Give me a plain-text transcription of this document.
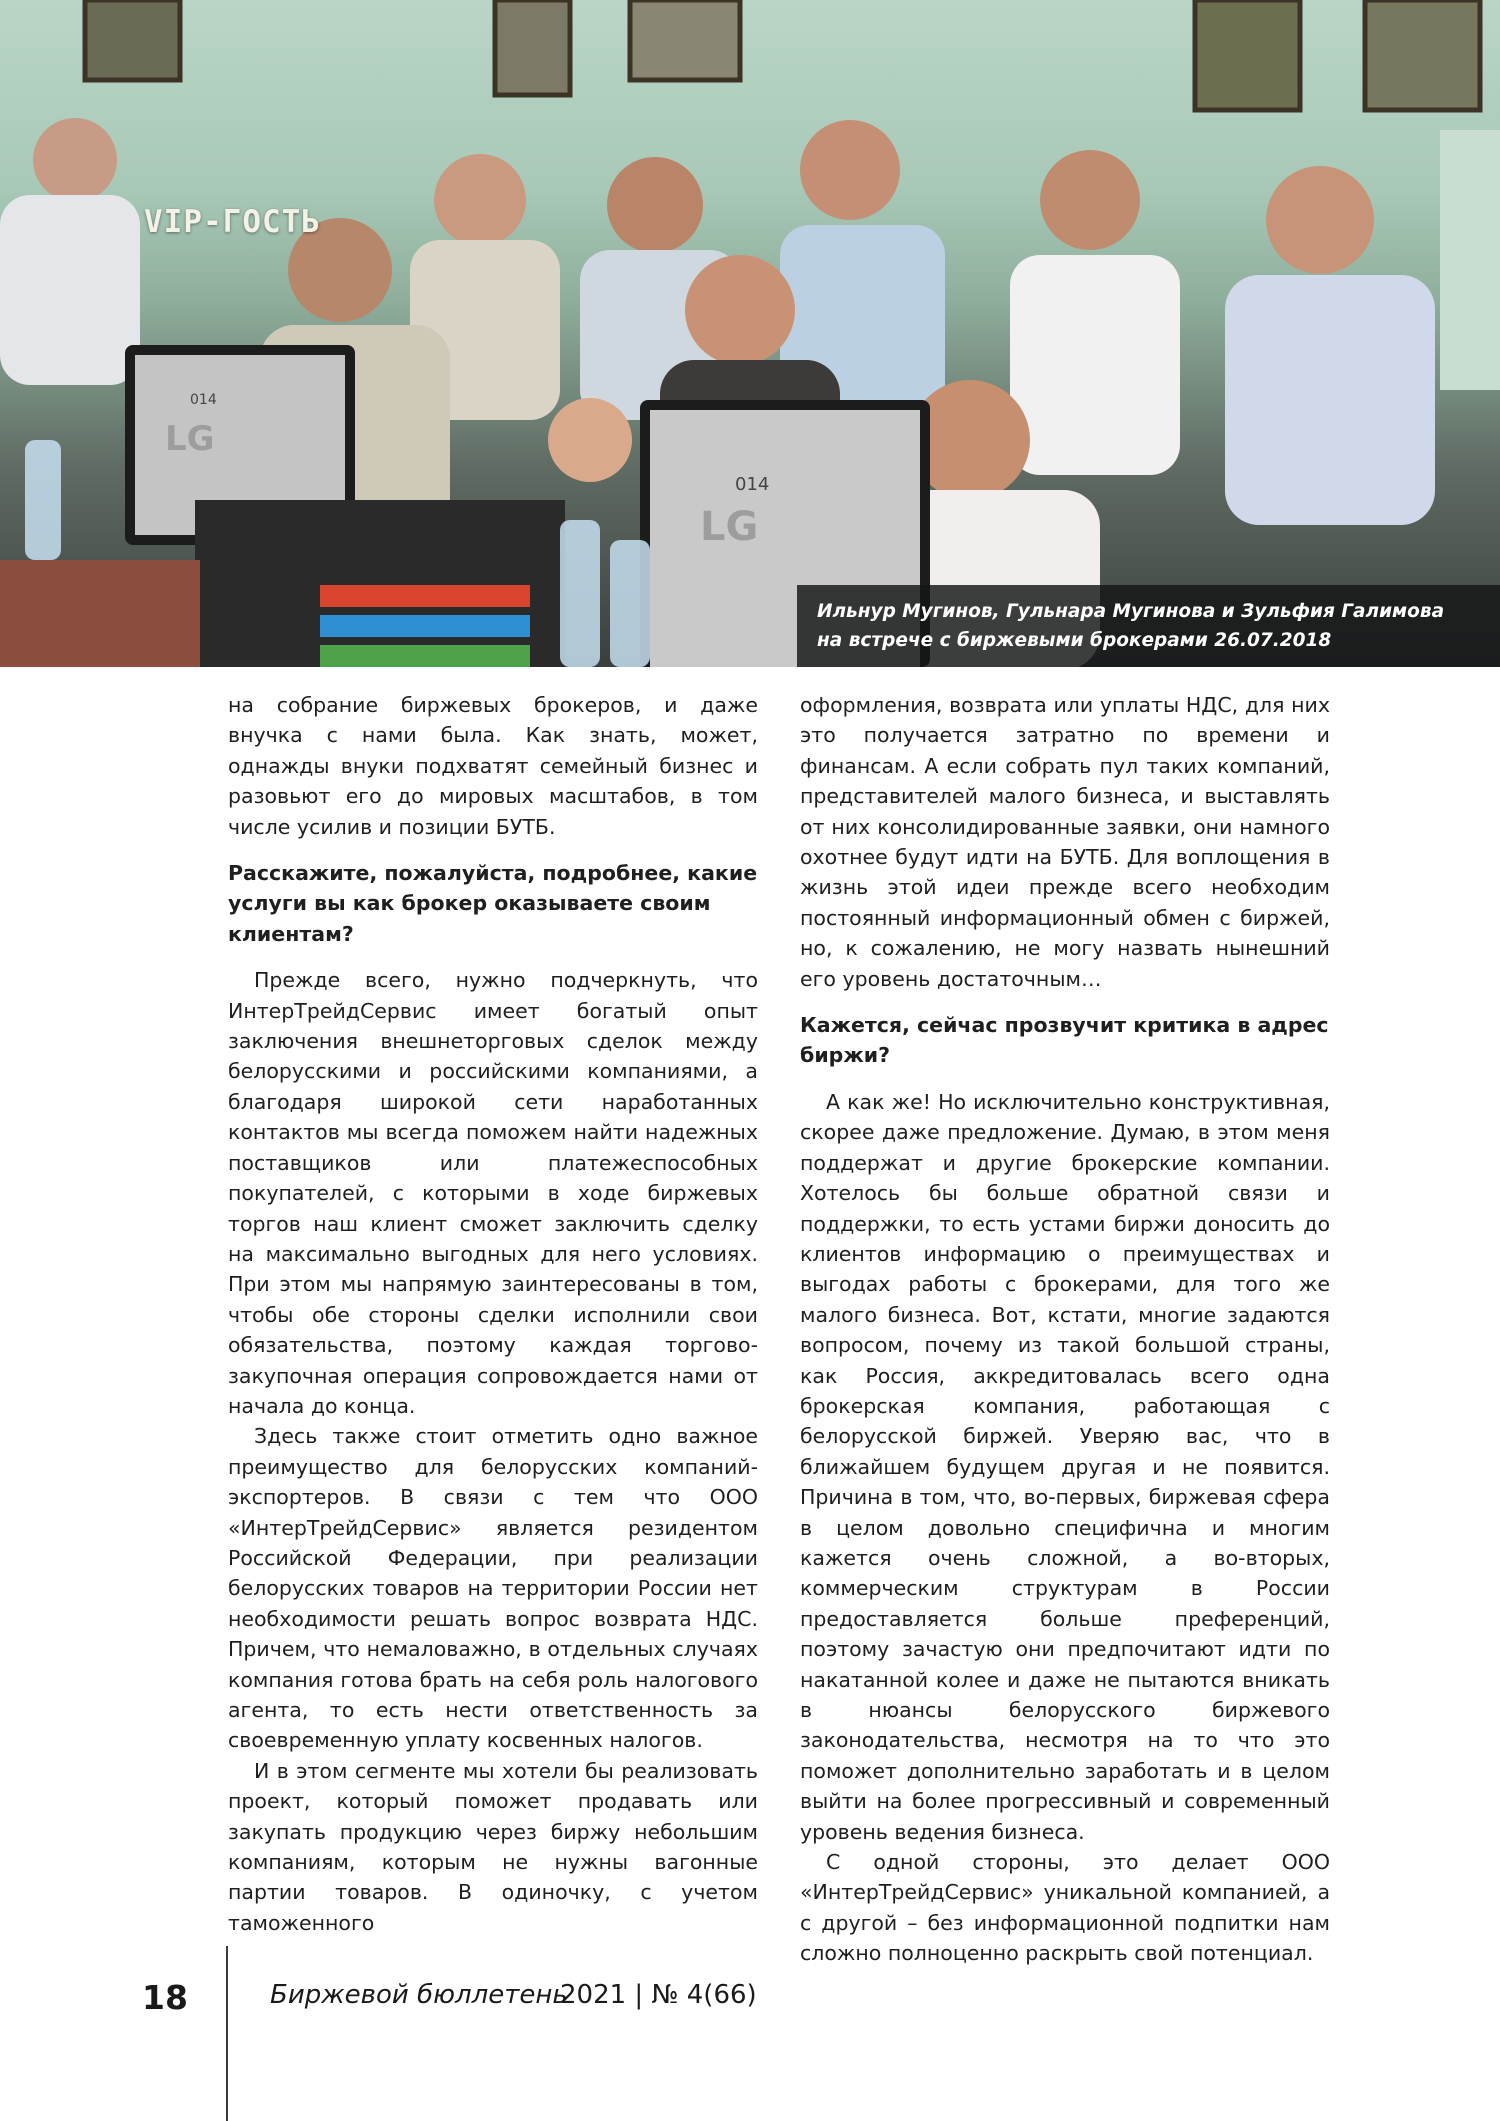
LG
LG
014
014
VIP-ГОСТЬ
Ильнур Мугинов, Гульнара Мугинова и Зульфия Галимова
на встрече с биржевыми брокерами 26.07.2018

на собрание биржевых брокеров, и даже внучка с нами была. Как знать, может, однажды внуки подхватят семейный бизнес и разовьют его до мировых масштабов, в том числе усилив и позиции БУТБ.

Расскажите, пожалуйста, подробнее, какие услуги вы как брокер оказываете своим клиентам?

Прежде всего, нужно подчеркнуть, что ИнтерТрейдСервис имеет богатый опыт заключения внешнеторговых сделок между белорусскими и российскими компаниями, а благодаря широкой сети наработанных контактов мы всегда поможем найти надежных поставщиков или платежеспособных покупателей, с которыми в ходе биржевых торгов наш клиент сможет заключить сделку на максимально выгодных для него условиях. При этом мы напрямую заинтересованы в том, чтобы обе стороны сделки исполнили свои обязательства, поэтому каждая торгово-закупочная операция сопровождается нами от начала до конца.

Здесь также стоит отметить одно важное преимущество для белорусских компаний-экспортеров. В связи с тем что ООО «ИнтерТрейдСервис» является резидентом Российской Федерации, при реализации белорусских товаров на территории России нет необходимости решать вопрос возврата НДС. Причем, что немаловажно, в отдельных случаях компания готова брать на себя роль налогового агента, то есть нести ответственность за своевременную уплату косвенных налогов.

И в этом сегменте мы хотели бы реализовать проект, который поможет продавать или закупать продукцию через биржу небольшим компаниям, которым не нужны вагонные партии товаров. В одиночку, с учетом таможенного

оформления, возврата или уплаты НДС, для них это получается затратно по времени и финансам. А если собрать пул таких компаний, представителей малого бизнеса, и выставлять от них консолидированные заявки, они намного охотнее будут идти на БУТБ. Для воплощения в жизнь этой идеи прежде всего необходим постоянный информационный обмен с биржей, но, к сожалению, не могу назвать нынешний его уровень достаточным…

Кажется, сейчас прозвучит критика в адрес биржи?

А как же! Но исключительно конструктивная, скорее даже предложение. Думаю, в этом меня поддержат и другие брокерские компании. Хотелось бы больше обратной связи и поддержки, то есть устами биржи доносить до клиентов информацию о преимуществах и выгодах работы с брокерами, для того же малого бизнеса. Вот, кстати, многие задаются вопросом, почему из такой большой страны, как Россия, аккредитовалась всего одна брокерская компания, работающая с белорусской биржей. Уверяю вас, что в ближайшем будущем другая и не появится. Причина в том, что, во-первых, биржевая сфера в целом довольно специфична и многим кажется очень сложной, а во-вторых, коммерческим структурам в России предоставляется больше преференций, поэтому зачастую они предпочитают идти по накатанной колее и даже не пытаются вникать в нюансы белорусского биржевого законодательства, несмотря на то что это поможет дополнительно заработать и в целом выйти на более прогрессивный и современный уровень ведения бизнеса.

С одной стороны, это делает ООО «ИнтерТрейдСервис» уникальной компанией, а с другой – без информационной подпитки нам сложно полноценно раскрыть свой потенциал.

18	Биржевой бюллетень
2021 | № 4(66)
